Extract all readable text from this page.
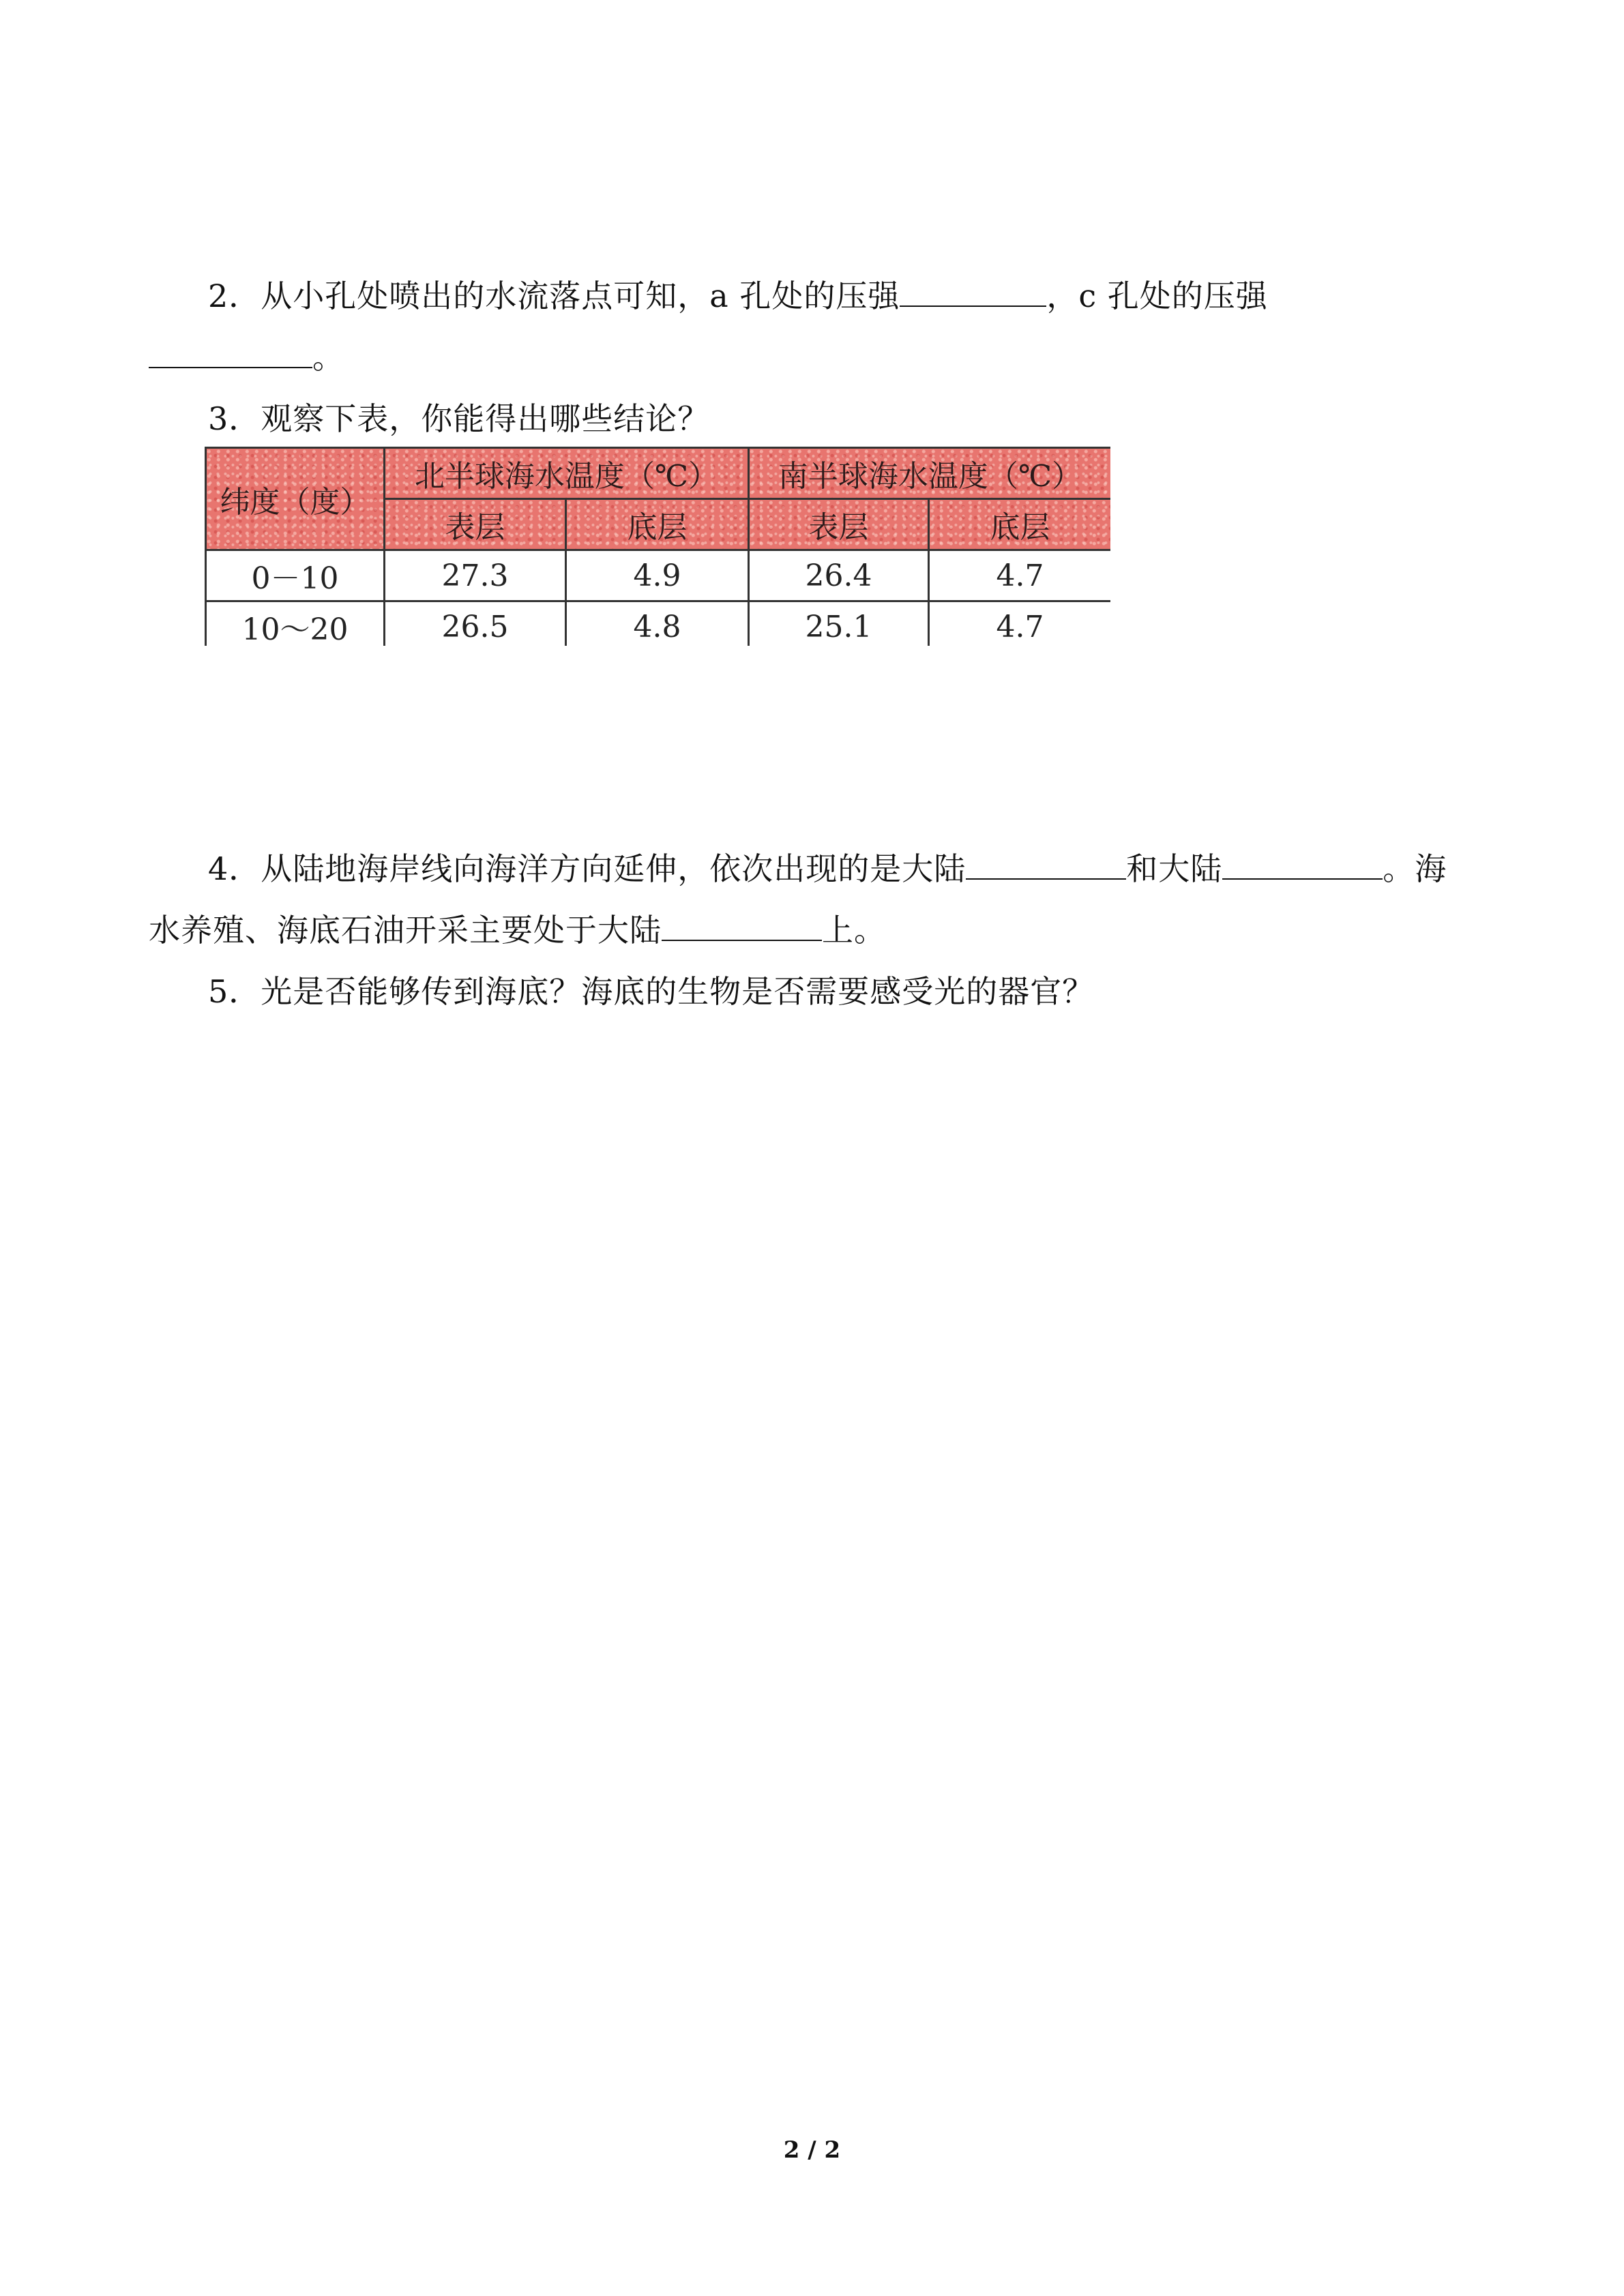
2．从小孔处喷出的水流落点可知，a 孔处的压强	，c 孔处的压强
。
3．观察下表，你能得出哪些结论？
纬度（度）	北半球海水温度（℃）		南半球海水温度（℃）	
	表层	底层	表层	底层
0－10	27.3	4.9	26.4	4.7
10～20	26.5	4.8	25.1	4.7
4．从陆地海岸线向海洋方向延伸，依次出现的是大陆	和大陆	。海
水养殖、海底石油开采主要处于大陆	上。
5．光是否能够传到海底？海底的生物是否需要感受光的器官？
2 / 2
